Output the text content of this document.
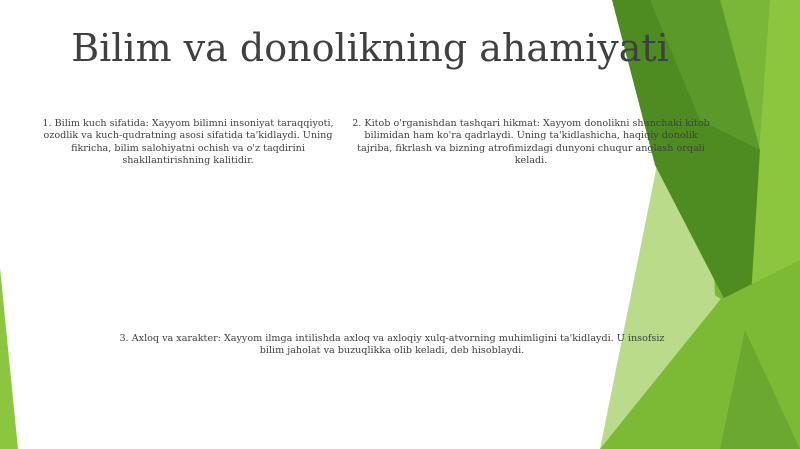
Bilim va donolikning ahamiyati

1. Bilim kuch sifatida: Xayyom bilimni insoniyat taraqqiyoti, ozodlik va kuch-qudratning asosi sifatida ta'kidlaydi. Uning fikricha, bilim salohiyatni ochish va o'z taqdirini shakllantirishning kalitidir.

2. Kitob o'rganishdan tashqari hikmat: Xayyom donolikni shunchaki kitob bilimidan ham ko'ra qadrlaydi. Uning ta'kidlashicha, haqiqiy donolik tajriba, fikrlash va bizning atrofimizdagi dunyoni chuqur anglash orqali keladi.

3. Axloq va xarakter: Xayyom ilmga intilishda axloq va axloqiy xulq-atvorning muhimligini ta'kidlaydi. U insofsiz bilim jaholat va buzuqlikka olib keladi, deb hisoblaydi.
